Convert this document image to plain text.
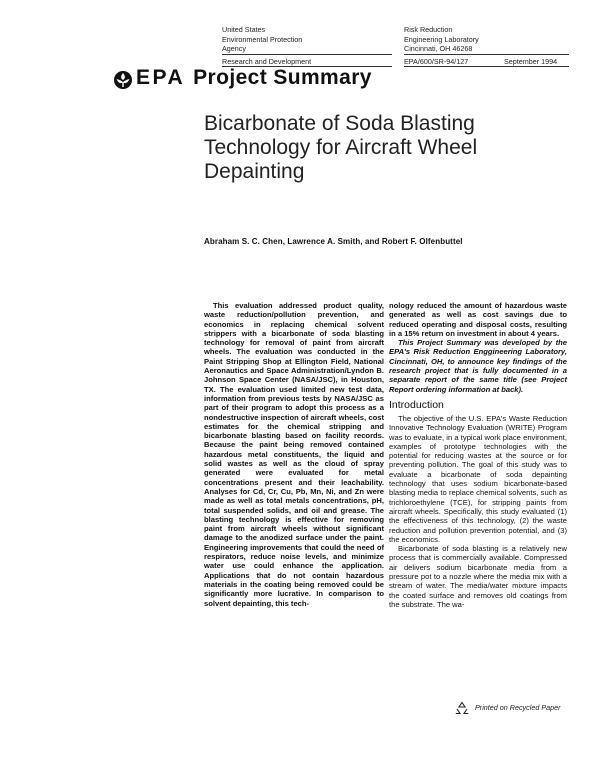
United States
Environmental Protection
Agency
Risk Reduction
Engineering Laboratory
Cincinnati, OH 46268
Research and Development	EPA/600/SR-94/127	September 1994
EPA Project Summary
Bicarbonate of Soda Blasting
Technology for Aircraft Wheel
Depainting
Abraham S. C. Chen, Lawrence A. Smith, and Robert F. Olfenbuttel

This evaluation addressed product quality, waste reduction/pollution prevention, and economics in replacing chemical solvent strippers with a bicarbonate of soda blasting technology for removal of paint from aircraft wheels. The evaluation was conducted in the Paint Stripping Shop at Ellington Field, National Aeronautics and Space Administration/Lyndon B. Johnson Space Center (NASA/JSC), in Houston, TX. The evaluation used limited new test data, information from previous tests by NASA/JSC as part of their program to adopt this process as a nondestructive inspection of aircraft wheels, cost estimates for the chemical stripping and bicarbonate blasting based on facility records. Because the paint being removed contained hazardous metal constituents, the liquid and solid wastes as well as the cloud of spray generated were evaluated for metal concentrations present and their leachability. Analyses for Cd, Cr, Cu, Pb, Mn, Ni, and Zn were made as well as total metals concentrations, pH, total suspended solids, and oil and grease. The blasting technology is effective for removing paint from aircraft wheels without significant damage to the anodized surface under the paint. Engineering improvements that could the need of respirators, reduce noise levels, and minimize water use could enhance the application. Applications that do not contain hazardous materials in the coating being removed could be significantly more lucrative. In comparison to solvent depainting, this tech-

nology reduced the amount of hazardous waste generated as well as cost savings due to reduced operating and disposal costs, resulting in a 15% return on investment in about 4 years.

This Project Summary was developed by the EPA's Risk Reduction Enggineering Laboratory, Cincinnati, OH, to announce key findings of the research project that is fully documented in a separate report of the same title (see Project Report ordering information at back).

Introduction

The objective of the U.S. EPA's Waste Reduction Innovative Technology Evaluation (WRITE) Program was to evaluate, in a typical work place environment, examples of prototype technologies with the potential for reducing wastes at the source or for preventing pollution. The goal of this study was to evaluate a bicarbonate of soda depainting technology that uses sodium bicarbonate-based blasting media to replace chemical solvents, such as trichloroethylene (TCE), for stripping paints from aircraft wheels. Specifically, this study evaluated (1) the effectiveness of this technology, (2) the waste reduction and pollution prevention potential, and (3) the economics.

Bicarbonate of soda blasting is a relatively new process that is commercially available. Compressed air delivers sodium bicarbonate media from a pressure pot to a nozzle where the media mix with a stream of water. The media/water mixture impacts the coated surface and removes old coatings from the substrate. The wa-

Printed on Recycled Paper
